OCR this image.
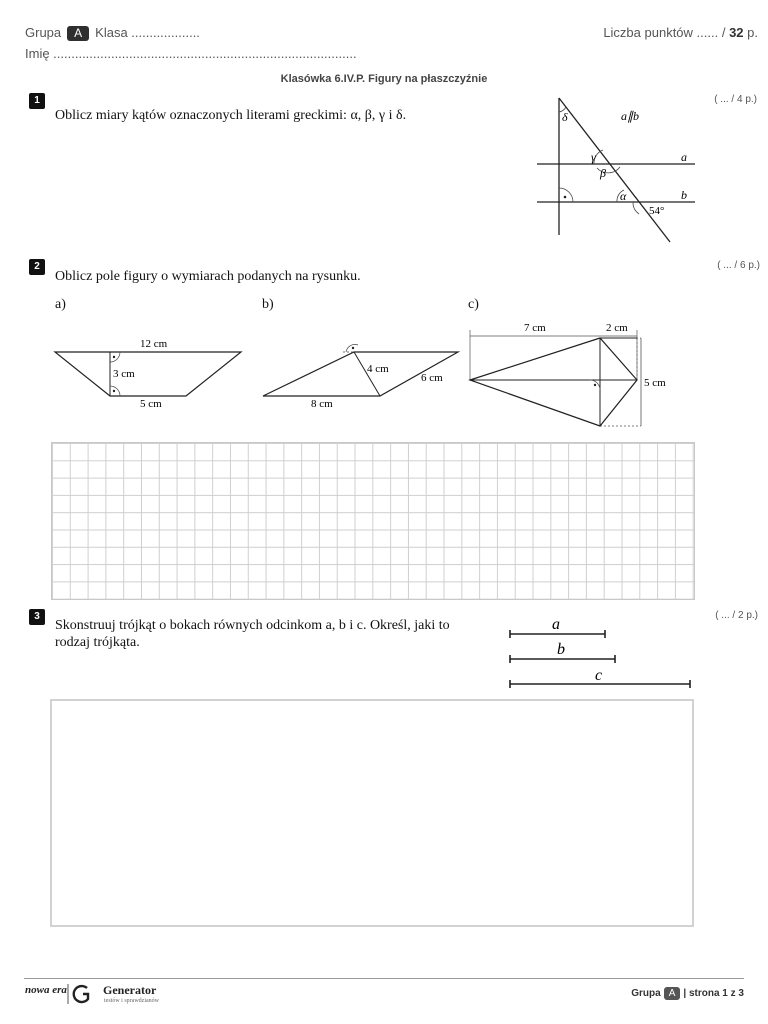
Grupa A Klasa ...................	Liczba punktów ...... / 32 p.
Imię ....................................................................................
Klasówka 6.IV.P. Figury na płaszczyźnie
1	( ... / 4 p.)
Oblicz miary kątów oznaczonych literami greckimi: α, β, γ i δ.	δ
γ
β
α
a∥b
a
b
54°
2	( ... / 6 p.)
Oblicz pole figury o wymiarach podanych na rysunku.
a)	b)	c)
12 cm
3 cm
5 cm
4 cm
6 cm
8 cm
7 cm	2 cm
5 cm
3	( ... / 2 p.)
Skonstruuj trójkąt o bokach równych odcinkom a, b i c. Określ, jaki to rodzaj trójkąta.
a
b
c
nowa era	Generator
testów i sprawdzianów
Grupa A | strona 1 z 3
